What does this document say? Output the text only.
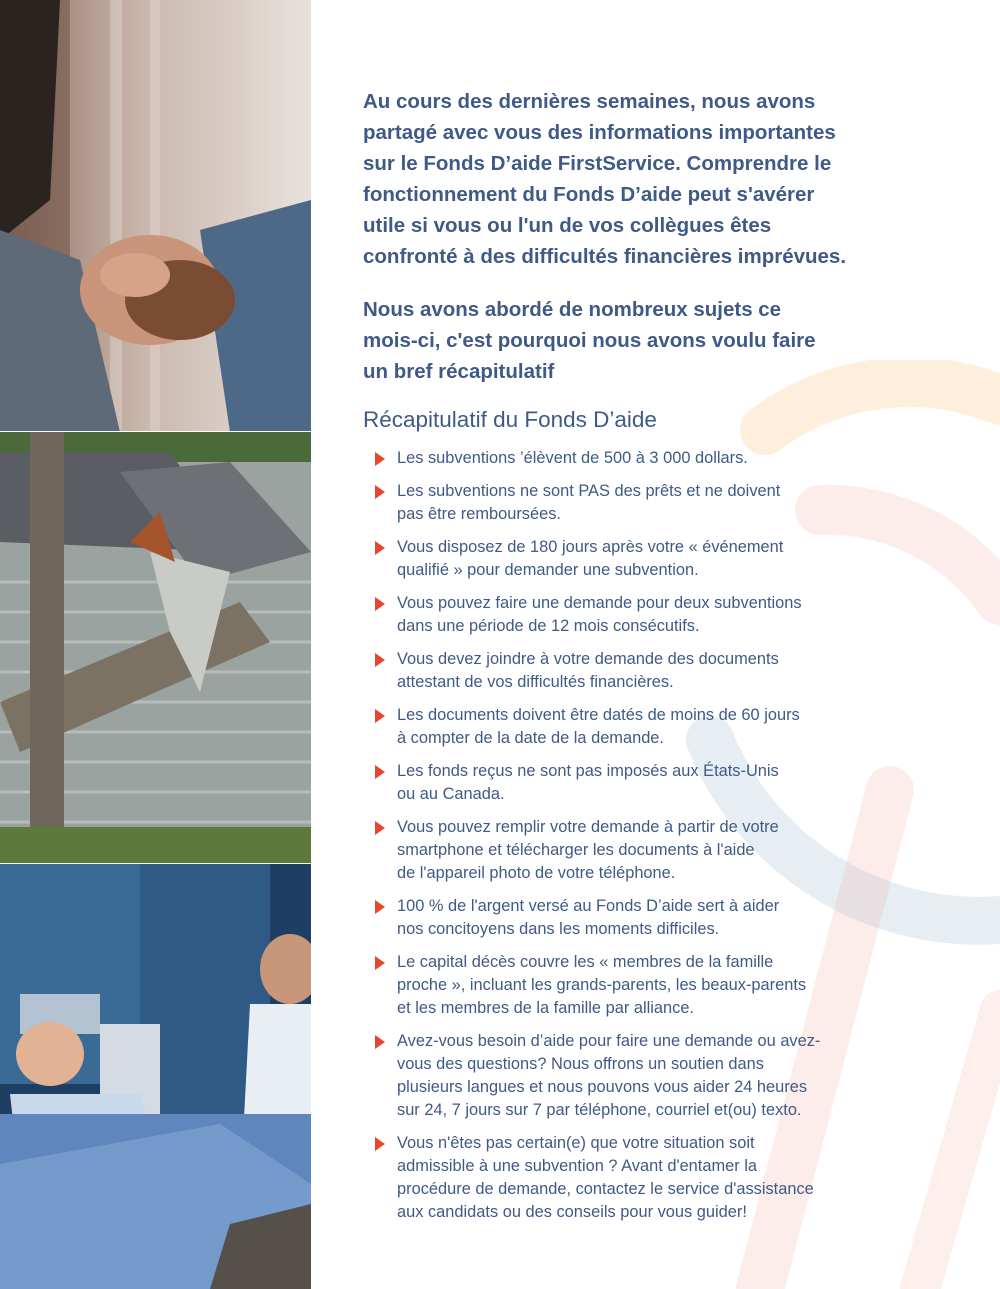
Au cours des dernières semaines, nous avons
partagé avec vous des informations importantes
sur le Fonds D’aide FirstService. Comprendre le
fonctionnement du Fonds D’aide peut s'avérer
utile si vous ou l'un de vos collègues êtes
confronté à des difficultés financières imprévues.

Nous avons abordé de nombreux sujets ce
mois-ci, c'est pourquoi nous avons voulu faire
un bref récapitulatif

Récapitulatif du Fonds D’aide
Les subventions ’élèvent de 500 à 3 000 dollars.
Les subventions ne sont PAS des prêts et ne doivent
pas être remboursées.
Vous disposez de 180 jours après votre « événement
qualifié » pour demander une subvention.
Vous pouvez faire une demande pour deux subventions
dans une période de 12 mois consécutifs.
Vous devez joindre à votre demande des documents
attestant de vos difficultés financières.
Les documents doivent être datés de moins de 60 jours
à compter de la date de la demande.
Les fonds reçus ne sont pas imposés aux États-Unis
ou au Canada.
Vous pouvez remplir votre demande à partir de votre
smartphone et télécharger les documents à l'aide
de l'appareil photo de votre téléphone.
100 % de l'argent versé au Fonds D’aide sert à aider
nos concitoyens dans les moments difficiles.
Le capital décès couvre les « membres de la famille
proche », incluant les grands-parents, les beaux-parents
et les membres de la famille par alliance.
Avez-vous besoin d’aide pour faire une demande ou avez-
vous des questions? Nous offrons un soutien dans
plusieurs langues et nous pouvons vous aider 24 heures
sur 24, 7 jours sur 7 par téléphone, courriel et(ou) texto.
Vous n'êtes pas certain(e) que votre situation soit
admissible à une subvention ? Avant d'entamer la
procédure de demande, contactez le service d'assistance
aux candidats ou des conseils pour vous guider!
